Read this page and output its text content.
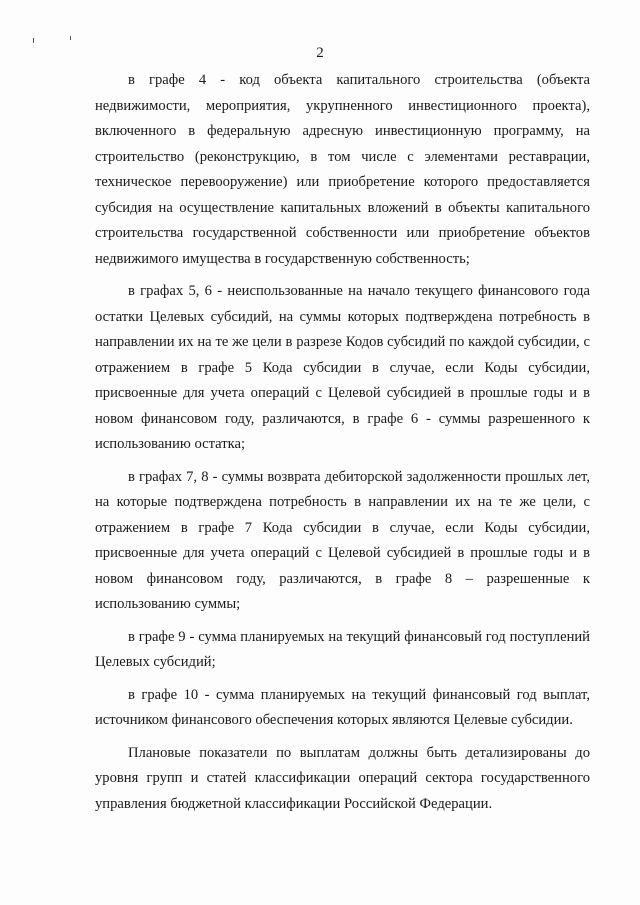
2

в графе 4 - код объекта капитального строительства (объекта недвижимости, мероприятия, укрупненного инвестиционного проекта), включенного в федеральную адресную инвестиционную программу, на строительство (реконструкцию, в том числе с элементами реставрации, техническое перевооружение) или приобретение которого предоставляется субсидия на осуществление капитальных вложений в объекты капитального строительства государственной собственности или приобретение объектов недвижимого имущества в государственную собственность;

в графах 5, 6 - неиспользованные на начало текущего финансового года остатки Целевых субсидий, на суммы которых подтверждена потребность в направлении их на те же цели в разрезе Кодов субсидий по каждой субсидии, с отражением в графе 5 Кода субсидии в случае, если Коды субсидии, присвоенные для учета операций с Целевой субсидией в прошлые годы и в новом финансовом году, различаются, в графе 6 - суммы разрешенного к использованию остатка;

в графах 7, 8 - суммы возврата дебиторской задолженности прошлых лет, на которые подтверждена потребность в направлении их на те же цели, с отражением в графе 7 Кода субсидии в случае, если Коды субсидии, присвоенные для учета операций с Целевой субсидией в прошлые годы и в новом финансовом году, различаются, в графе 8 – разрешенные к использованию суммы;

в графе 9 - сумма планируемых на текущий финансовый год поступлений Целевых субсидий;

в графе 10 - сумма планируемых на текущий финансовый год выплат, источником финансового обеспечения которых являются Целевые субсидии.

Плановые показатели по выплатам должны быть детализированы до уровня групп и статей классификации операций сектора государственного управления бюджетной классификации Российской Федерации.
